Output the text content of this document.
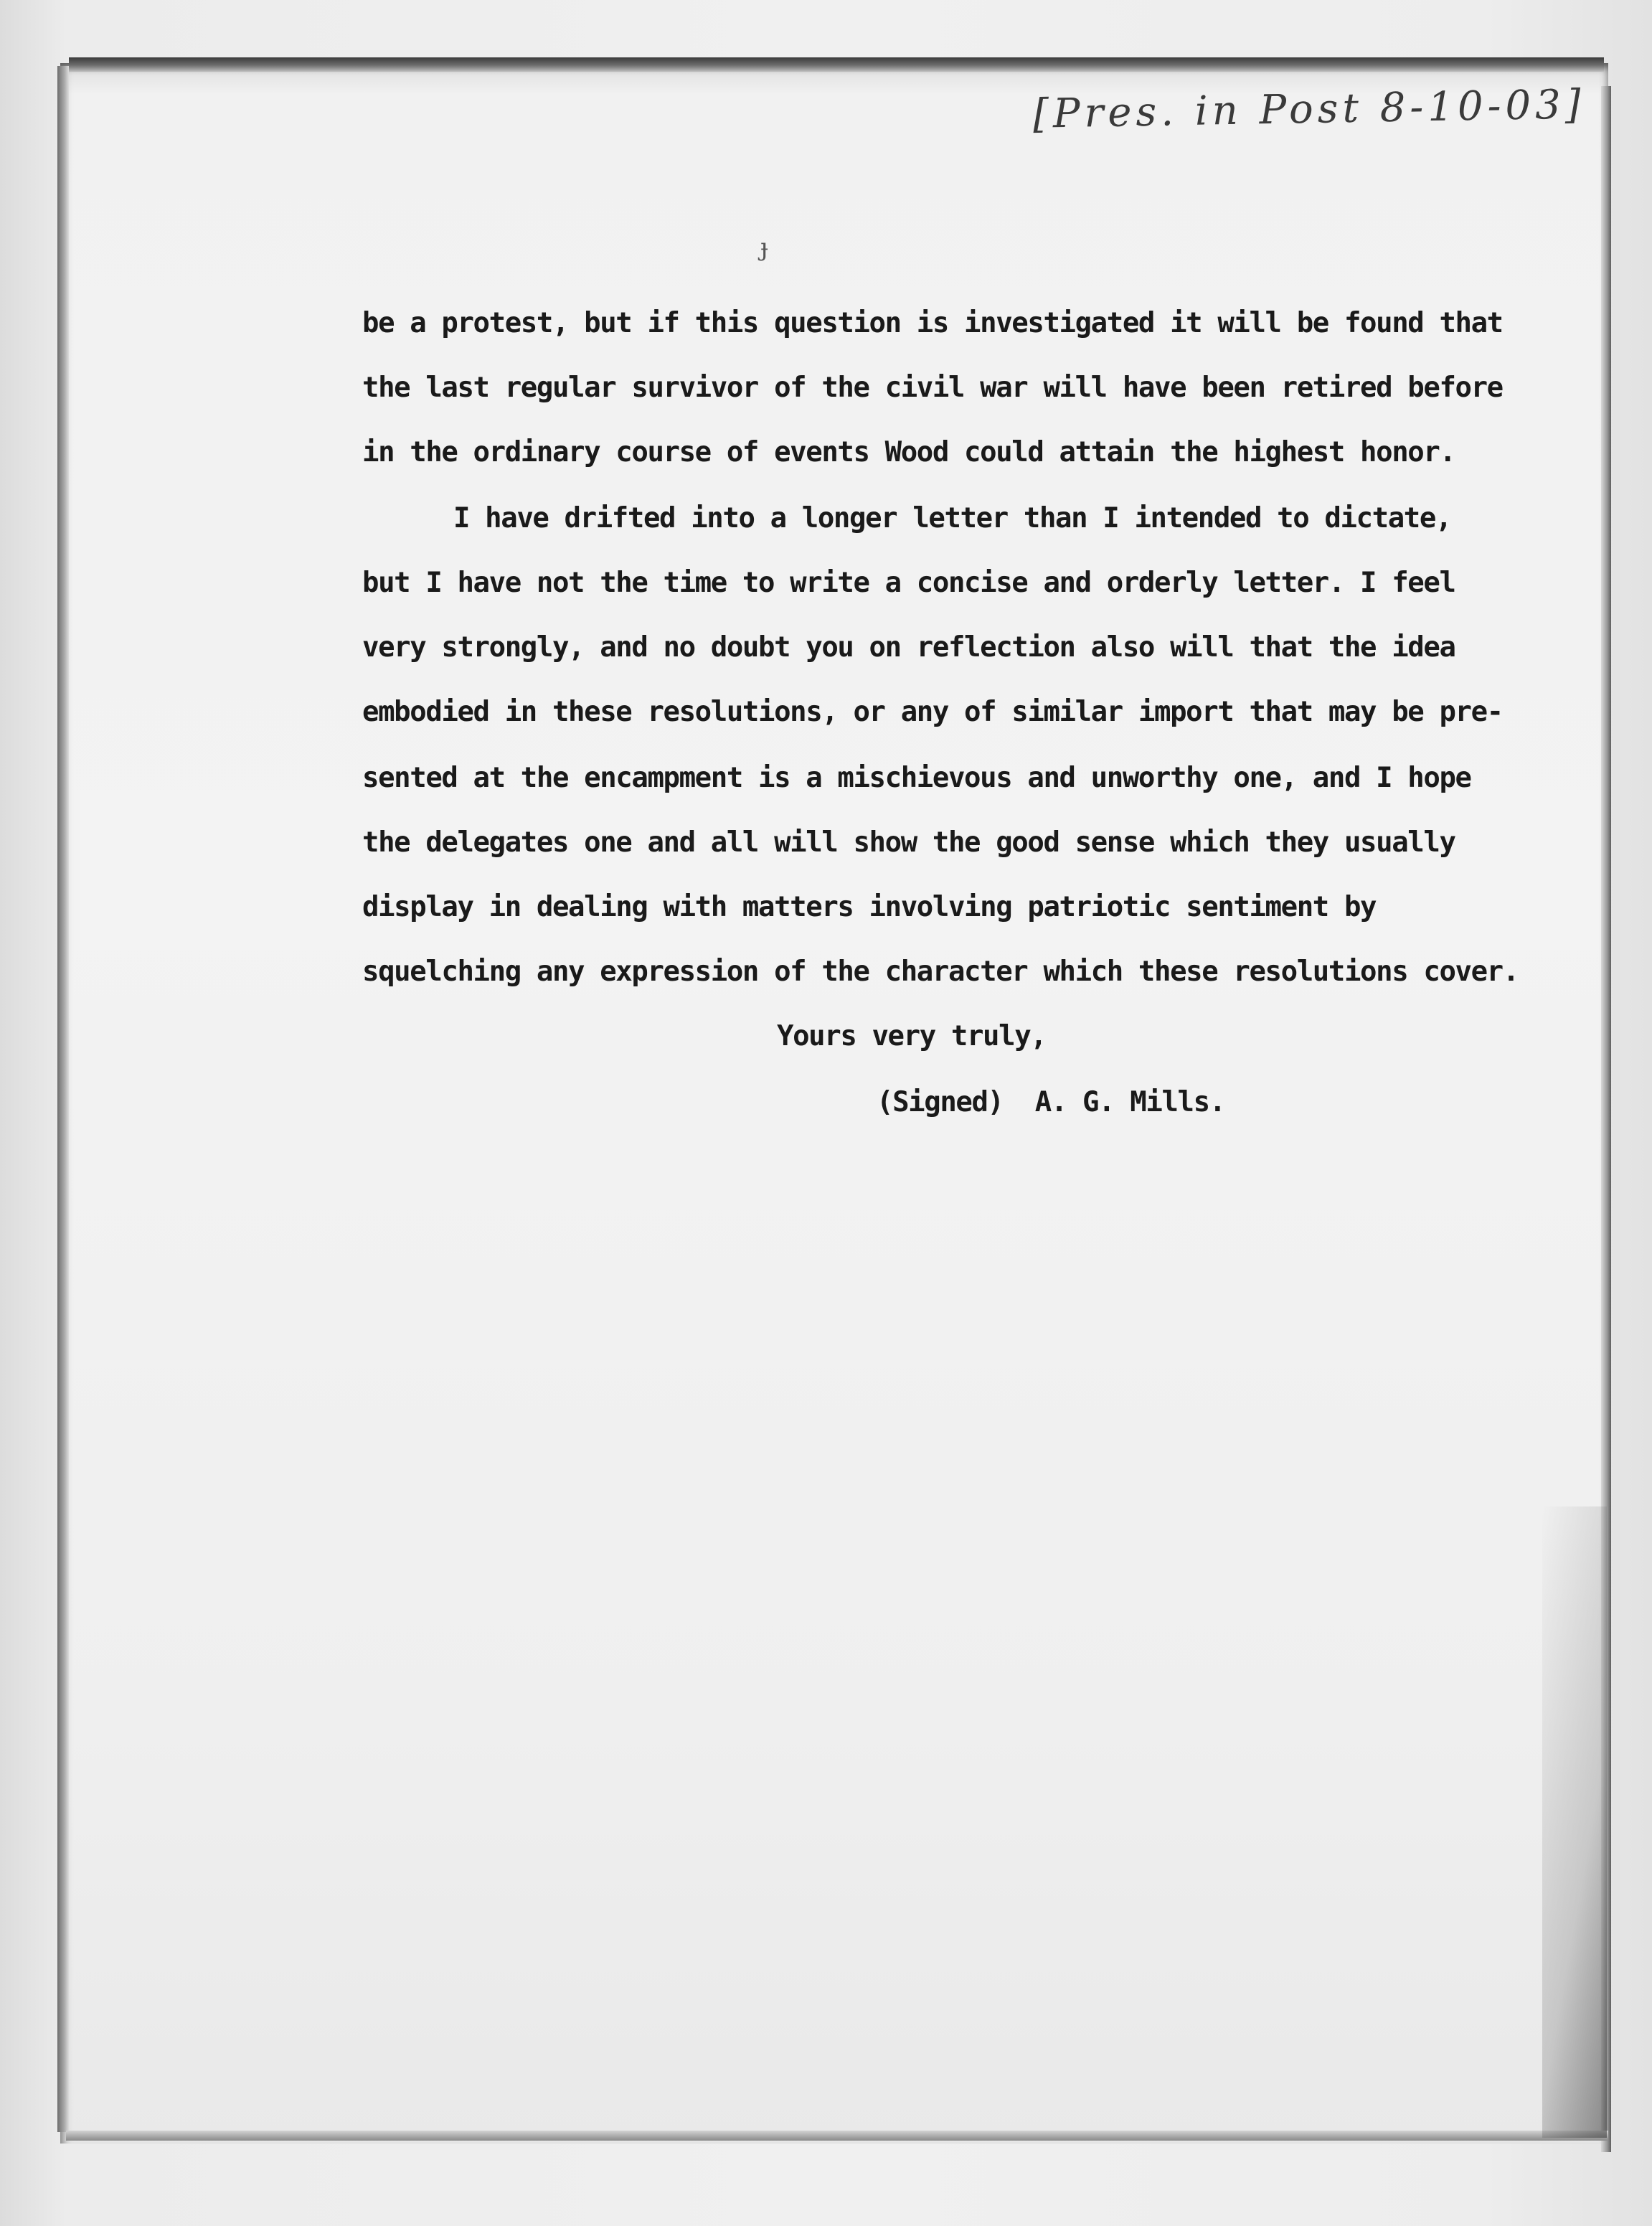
[Pres. in Post 8-10-03]
ɟ

be a protest, but if this question is investigated it will be found that

the last regular survivor of the civil war will have been retired before

in the ordinary course of events Wood could attain the highest honor.

I have drifted into a longer letter than I intended to dictate,

but I have not the time to write a concise and orderly letter. I feel

very strongly, and no doubt you on reflection also will that the idea

embodied in these resolutions, or any of similar import that may be pre-

sented at the encampment is a mischievous and unworthy one, and I hope

the delegates one and all will show the good sense which they usually

display in dealing with matters involving patriotic sentiment by

squelching any expression of the character which these resolutions cover.

Yours very truly,

(Signed)  A. G. Mills.
